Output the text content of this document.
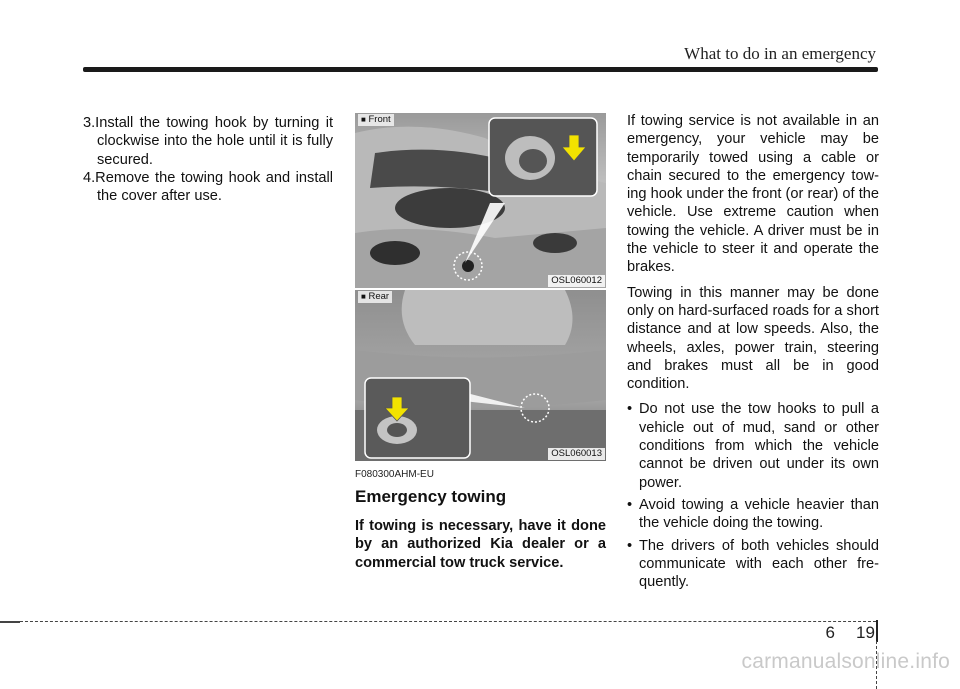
What to do in an emergency

3.Install the towing hook by turning it clockwise into the hole until it is fully secured.

4.Remove the towing hook and install the cover after use.

■ Front
OSL060012
■ Rear
OSL060013
F080300AHM-EU
Emergency towing
If towing is necessary, have it done by an authorized Kia dealer or a commercial tow truck service.

If towing service is not available in an emergency, your vehicle may be temporarily towed using a cable or chain secured to the emergency tow-ing hook under the front (or rear) of the vehicle. Use extreme caution when towing the vehicle. A driver must be in the vehicle to steer it and operate the brakes.

Towing in this manner may be done only on hard-surfaced roads for a short distance and at low speeds. Also, the wheels, axles, power train, steering and brakes must all be in good condition.

• Do not use the tow hooks to pull a vehicle out of mud, sand or other conditions from which the vehicle cannot be driven out under its own power.
• Avoid towing a vehicle heavier than the vehicle doing the towing.
• The drivers of both vehicles should communicate with each other fre-quently.
6 19
carmanualsonline.info
